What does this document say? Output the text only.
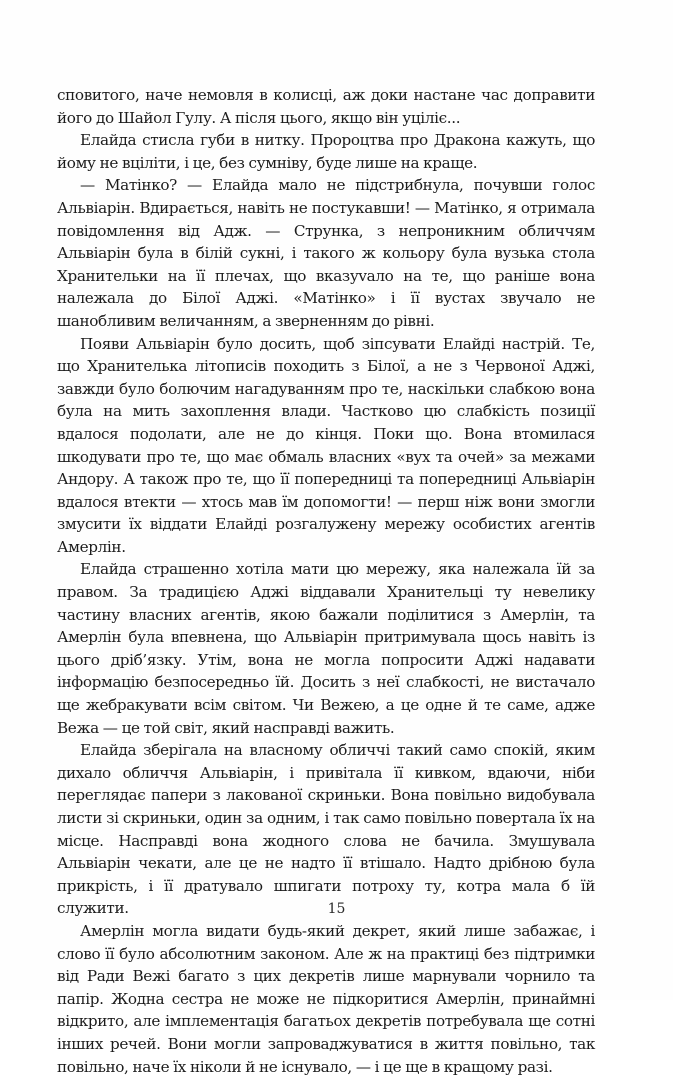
сповитого, наче немовля в колисці, аж доки настане час доправити його до Шайол Гулу. А після цього, якщо він уціліє...

Елайда стисла губи в нитку. Пророцтва про Дракона кажуть, що йому не вціліти, і це, без сумніву, буде лише на краще.

— Матінко? — Елайда мало не підстрибнула, почувши голос Альвіарін. Вдирається, навіть не постукавши! — Матінко, я отримала повідомлення від Адж. — Струнка, з непроникним обличчям Альвіарін була в білій сукні, і такого ж кольору була вузька стола Хранительки на її плечах, що вказуvало на те, що раніше вона належала до Білої Аджі. «Матінко» і її вустах звучало не шанобливим величанням, а зверненням до рівні.

Появи Альвіарін було досить, щоб зіпсувати Елайді настрій. Те, що Хранителька літописів походить з Білої, а не з Червоної Аджі, завжди було болючим нагадуванням про те, наскільки слабкою вона була на мить захоплення влади. Частково цю слабкість позиції вдалося подолати, але не до кінця. Поки що. Вона втомилася шкодувати про те, що має обмаль власних «вух та очей» за межами Андору. А також про те, що її попередниці та попередниці Альвіарін вдалося втекти — хтось мав їм допомогти! — перш ніж вони змогли змусити їх віддати Елайді розгалужену мережу особистих агентів Амерлін.

Елайда страшенно хотіла мати цю мережу, яка належала їй за правом. За традицією Аджі віддавали Хранительці ту невелику частину власних агентів, якою бажали поділитися з Амерлін, та Амерлін була впевнена, що Альвіарін притримувала щось навіть із цього дріб’язку. Утім, вона не могла попросити Аджі надавати інформацію безпосередньо їй. Досить з неї слабкості, не вистачало ще жебракувати всім світом. Чи Вежею, а це одне й те саме, адже Вежа — це той світ, який насправді важить.

Елайда зберігала на власному обличчі такий само спокій, яким дихало обличчя Альвіарін, і привітала її кивком, вдаючи, ніби переглядає папери з лакованої скриньки. Вона повільно видобувала листи зі скриньки, один за одним, і так само повільно повертала їх на місце. Насправді вона жодного слова не бачила. Змушувала Альвіарін чекати, але це не надто її втішало. Надто дрібною була прикрість, і її дратувало шпигати потроху ту, котра мала б їй служити.

Амерлін могла видати будь-який декрет, який лише забажає, і слово її було абсолютним законом. Але ж на практиці без підтримки від Ради Вежі багато з цих декретів лише марнували чорнило та папір. Жодна сестра не може не підкоритися Амерлін, принаймні відкрито, але імплементація багатьох декретів потребувала ще сотні інших речей. Вони могли запроваджуватися в життя повільно, так повільно, наче їх ніколи й не існувало, — і це ще в кращому разі.

15
